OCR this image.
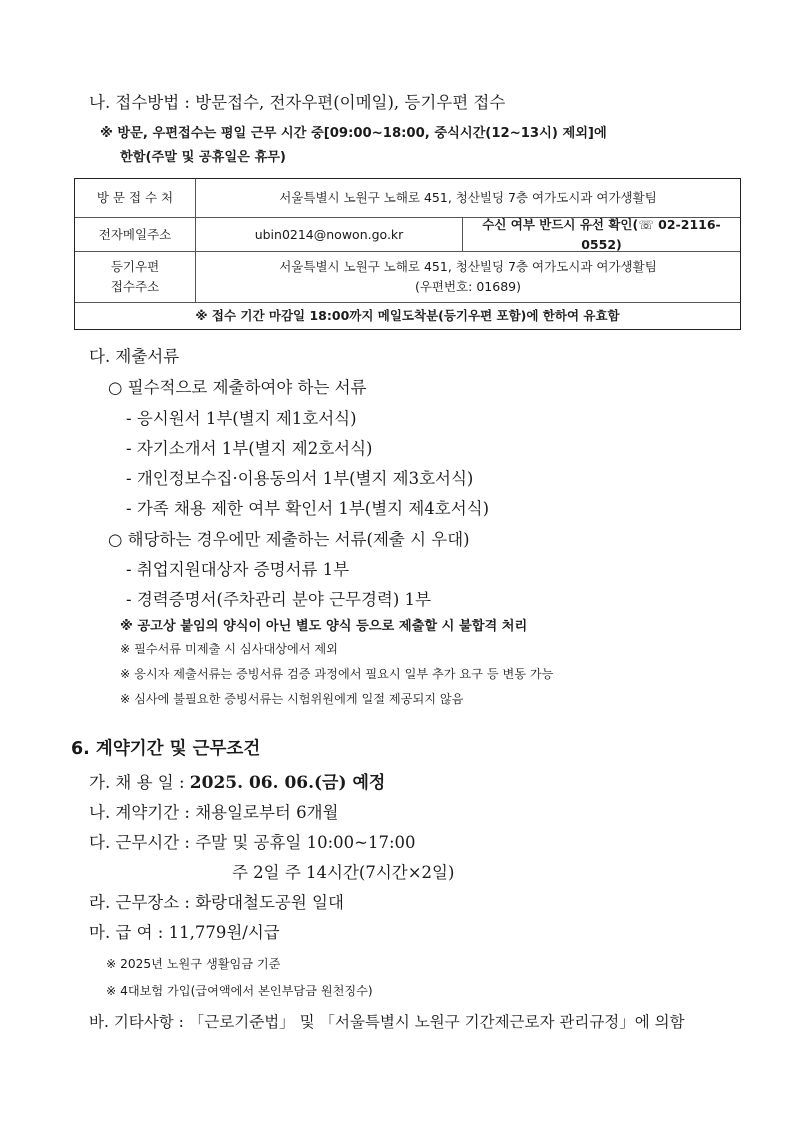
나. 접수방법 : 방문접수, 전자우편(이메일), 등기우편 접수
※ 방문, 우편접수는 평일 근무 시간 중[09:00~18:00, 중식시간(12~13시) 제외]에
한함(주말 및 공휴일은 휴무)
방 문 접 수 처	서울특별시 노원구 노해로 451, 청산빌딩 7층 여가도시과 여가생활팀
전자메일주소	ubin0214@nowon.go.kr
수신 여부 반드시 유선 확인(☏ 02-2116-0552)
등기우편
접수주소
서울특별시 노원구 노해로 451, 청산빌딩 7층 여가도시과 여가생활팀
(우편번호: 01689)
※ 접수 기간 마감일 18:00까지 메일도착분(등기우편 포함)에 한하여 유효함
다. 제출서류
○ 필수적으로 제출하여야 하는 서류
- 응시원서 1부(별지 제1호서식)
- 자기소개서 1부(별지 제2호서식)
- 개인정보수집·이용동의서 1부(별지 제3호서식)
- 가족 채용 제한 여부 확인서 1부(별지 제4호서식)
○ 해당하는 경우에만 제출하는 서류(제출 시 우대)
- 취업지원대상자 증명서류 1부
- 경력증명서(주차관리 분야 근무경력) 1부
※ 공고상 붙임의 양식이 아닌 별도 양식 등으로 제출할 시 불합격 처리
※ 필수서류 미제출 시 심사대상에서 제외
※ 응시자 제출서류는 증빙서류 검증 과정에서 필요시 일부 추가 요구 등 변동 가능
※ 심사에 불필요한 증빙서류는 시험위원에게 일절 제공되지 않음
6. 계약기간 및 근무조건
가. 채 용 일 : 2025. 06. 06.(금) 예정
나. 계약기간 : 채용일로부터 6개월
다. 근무시간 : 주말 및 공휴일 10:00~17:00
주 2일 주 14시간(7시간×2일)
라. 근무장소 : 화랑대철도공원 일대
마. 급 여 : 11,779원/시급
※ 2025년 노원구 생활임금 기준
※ 4대보험 가입(급여액에서 본인부담금 원천징수)
바. 기타사항 : 「근로기준법」 및 「서울특별시 노원구 기간제근로자 관리규정」에 의함
